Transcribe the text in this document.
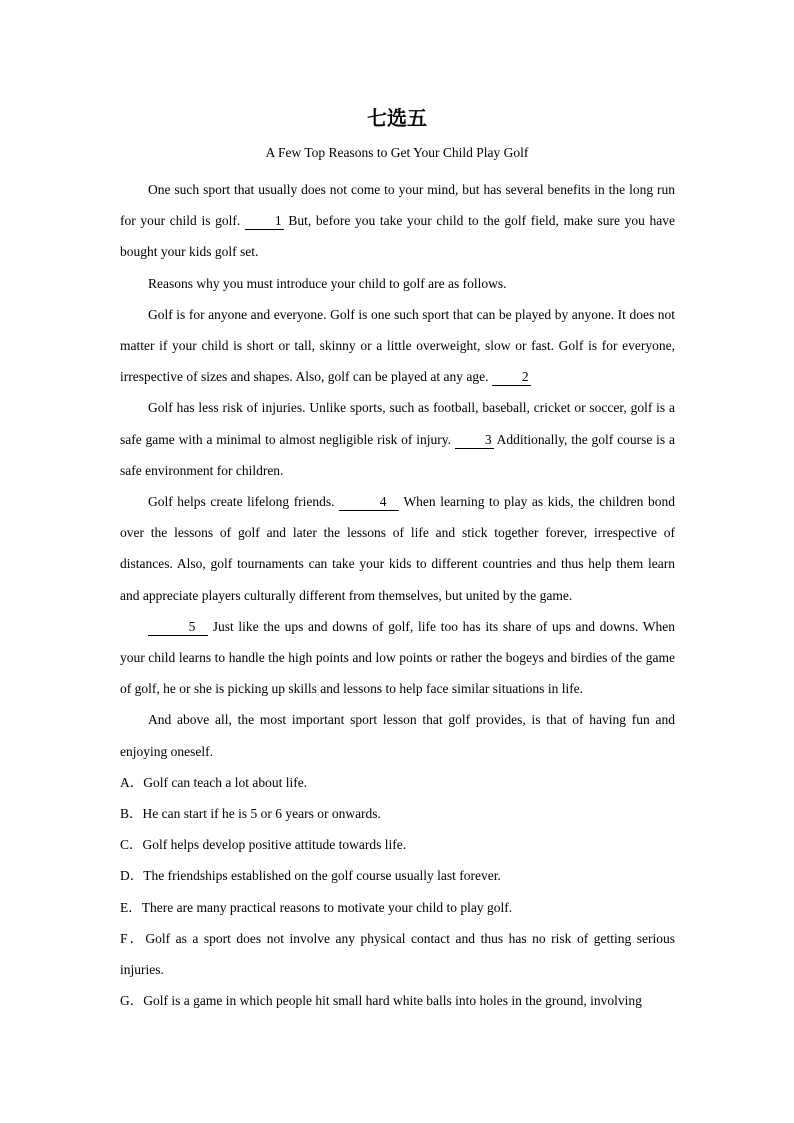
七选五
A Few Top Reasons to Get Your Child Play Golf

One such sport that usually does not come to your mind, but has several benefits in the long run for your child is golf. 1 But, before you take your child to the golf field, make sure you have bought your kids golf set.

Reasons why you must introduce your child to golf are as follows.

Golf is for anyone and everyone. Golf is one such sport that can be played by anyone. It does not matter if your child is short or tall, skinny or a little overweight, slow or fast. Golf is for everyone, irrespective of sizes and shapes. Also, golf can be played at any age. 2

Golf has less risk of injuries. Unlike sports, such as football, baseball, cricket or soccer, golf is a safe game with a minimal to almost negligible risk of injury. 3 Additionally, the golf course is a safe environment for children.

Golf helps create lifelong friends.	4 When learning to play as kids, the children bond over the lessons of golf and later the lessons of life and stick together forever, irrespective of distances. Also, golf tournaments can take your kids to different countries and thus help them learn and appreciate players culturally different from themselves, but united by the game.

5 Just like the ups and downs of golf, life too has its share of ups and downs. When your child learns to handle the high points and low points or rather the bogeys and birdies of the game of golf, he or she is picking up skills and lessons to help face similar situations in life.

And above all, the most important sport lesson that golf provides, is that of having fun and enjoying oneself.

A．Golf can teach a lot about life.

B．He can start if he is 5 or 6 years or onwards.

C．Golf helps develop positive attitude towards life.

D．The friendships established on the golf course usually last forever.

E．There are many practical reasons to motivate your child to play golf.

F．Golf as a sport does not involve any physical contact and thus has no risk of getting serious injuries.

G．Golf is a game in which people hit small hard white balls into holes in the ground, involving
